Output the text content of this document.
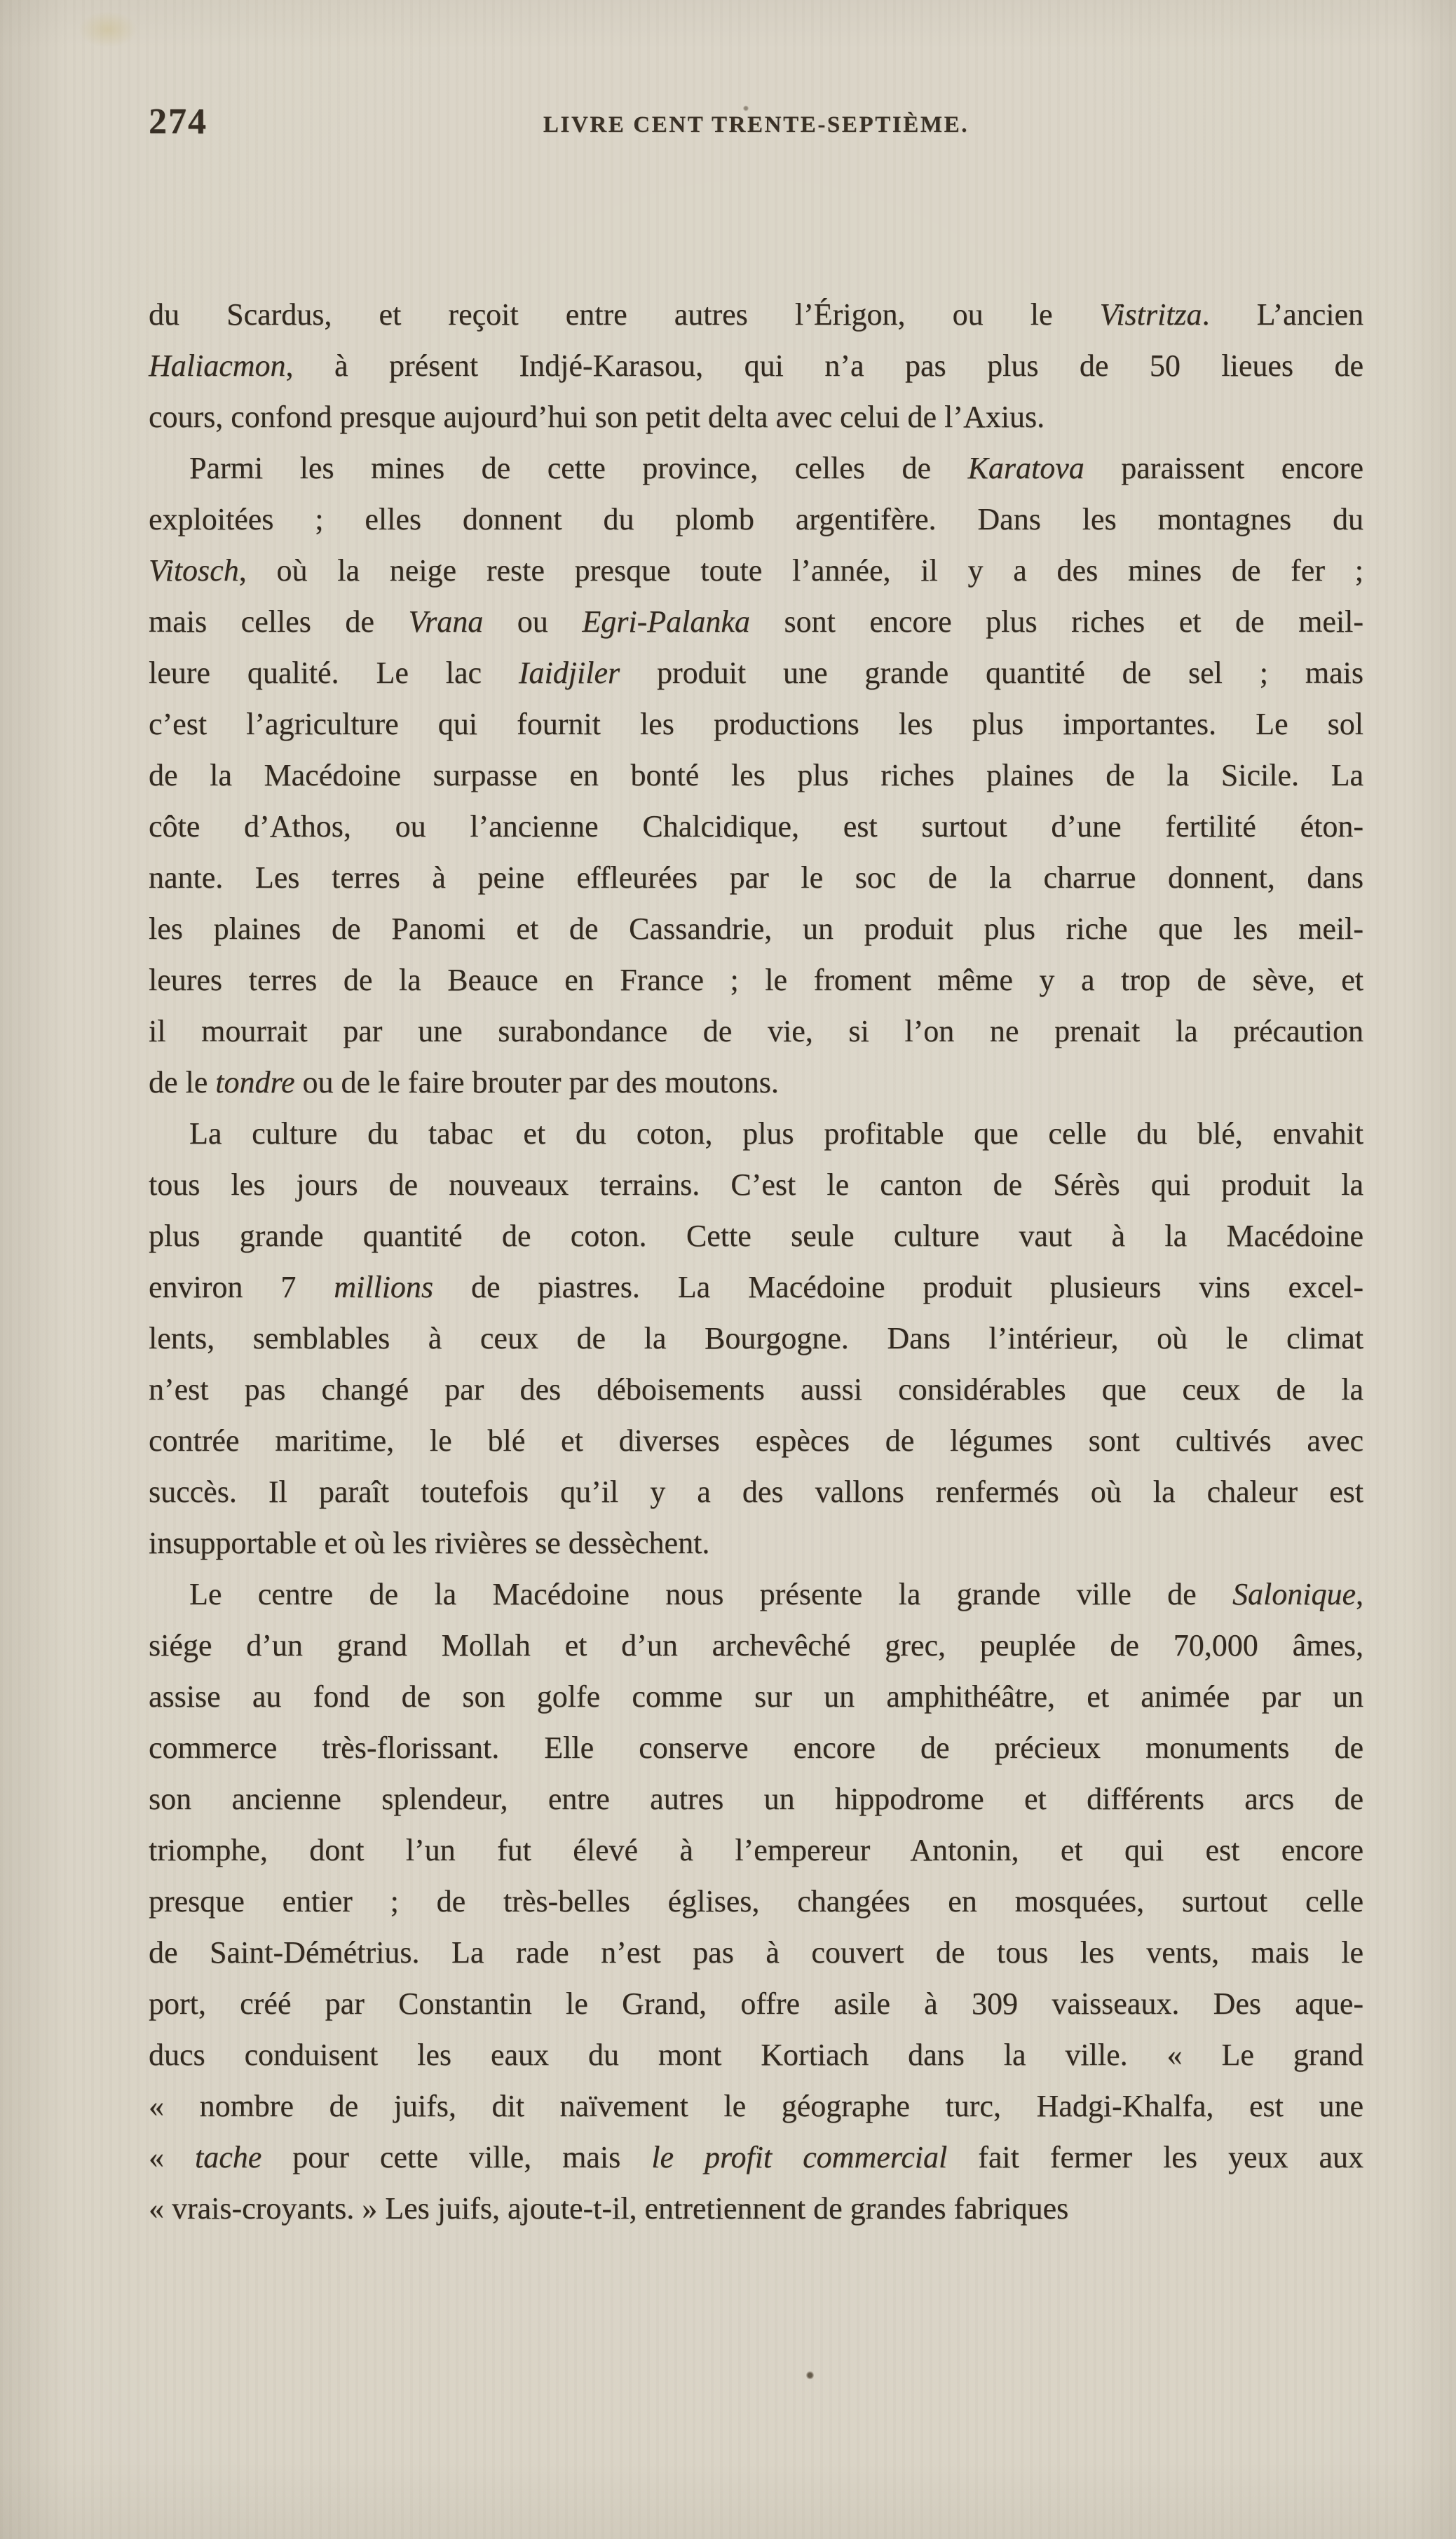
274	LIVRE CENT TRENTE-SEPTIÈME.
du Scardus, et reçoit entre autres l’Érigon, ou le Vistritza. L’ancien
Haliacmon, à présent Indjé-Karasou, qui n’a pas plus de 50 lieues de
cours, confond presque aujourd’hui son petit delta avec celui de l’Axius.
Parmi les mines de cette province, celles de Karatova paraissent encore
exploitées ; elles donnent du plomb argentifère. Dans les montagnes du
Vitosch, où la neige reste presque toute l’année, il y a des mines de fer ;
mais celles de Vrana ou Egri-Palanka sont encore plus riches et de meil-
leure qualité. Le lac Iaidjiler produit une grande quantité de sel ; mais
c’est l’agriculture qui fournit les productions les plus importantes. Le sol
de la Macédoine surpasse en bonté les plus riches plaines de la Sicile. La
côte d’Athos, ou l’ancienne Chalcidique, est surtout d’une fertilité éton-
nante. Les terres à peine effleurées par le soc de la charrue donnent, dans
les plaines de Panomi et de Cassandrie, un produit plus riche que les meil-
leures terres de la Beauce en France ; le froment même y a trop de sève, et
il mourrait par une surabondance de vie, si l’on ne prenait la précaution
de le tondre ou de le faire brouter par des moutons.
La culture du tabac et du coton, plus profitable que celle du blé, envahit
tous les jours de nouveaux terrains. C’est le canton de Sérès qui produit la
plus grande quantité de coton. Cette seule culture vaut à la Macédoine
environ 7 millions de piastres. La Macédoine produit plusieurs vins excel-
lents, semblables à ceux de la Bourgogne. Dans l’intérieur, où le climat
n’est pas changé par des déboisements aussi considérables que ceux de la
contrée maritime, le blé et diverses espèces de légumes sont cultivés avec
succès. Il paraît toutefois qu’il y a des vallons renfermés où la chaleur est
insupportable et où les rivières se dessèchent.
Le centre de la Macédoine nous présente la grande ville de Salonique,
siége d’un grand Mollah et d’un archevêché grec, peuplée de 70,000 âmes,
assise au fond de son golfe comme sur un amphithéâtre, et animée par un
commerce très-florissant. Elle conserve encore de précieux monuments de
son ancienne splendeur, entre autres un hippodrome et différents arcs de
triomphe, dont l’un fut élevé à l’empereur Antonin, et qui est encore
presque entier ; de très-belles églises, changées en mosquées, surtout celle
de Saint-Démétrius. La rade n’est pas à couvert de tous les vents, mais le
port, créé par Constantin le Grand, offre asile à 309 vaisseaux. Des aque-
ducs conduisent les eaux du mont Kortiach dans la ville. « Le grand
« nombre de juifs, dit naïvement le géographe turc, Hadgi-Khalfa, est une
« tache pour cette ville, mais le profit commercial fait fermer les yeux aux
« vrais-croyants. » Les juifs, ajoute-t-il, entretiennent de grandes fabriques
